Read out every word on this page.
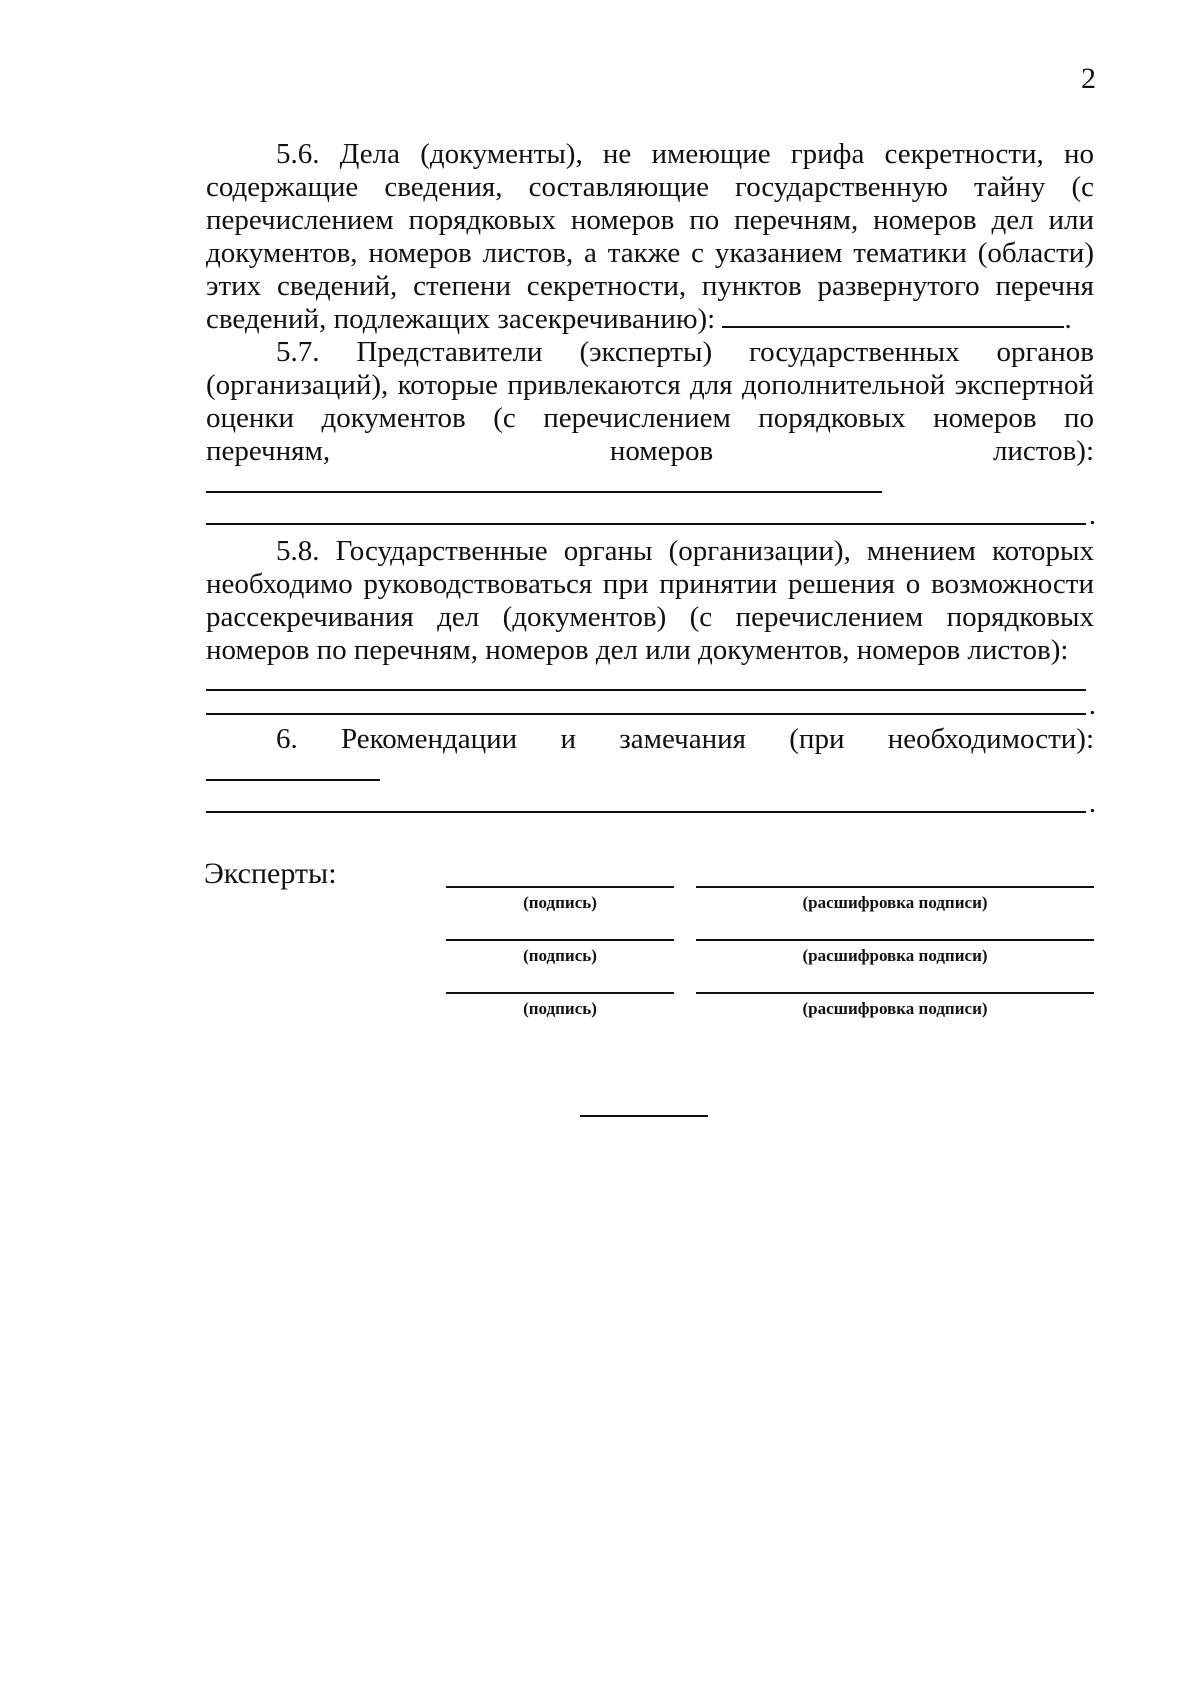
2

5.6. Дела (документы), не имеющие грифа секретности, но содержащие сведения, составляющие государственную тайну (с перечислением порядковых номеров по перечням, номеров дел или документов, номеров листов, а также с указанием тематики (области) этих сведений, степени секретности, пунктов развернутого перечня сведений, подлежащих засекречиванию):	.

5.7. Представители (эксперты) государственных органов (организаций), которые привлекаются для дополнительной экспертной оценки документов (с перечислением порядковых номеров по перечням, номеров листов):

.

5.8. Государственные органы (организации), мнением которых необходимо руководствоваться при принятии решения о возможности рассекречивания дел (документов) (с перечислением порядковых номеров по перечням, номеров дел или документов, номеров листов):

.

6. Рекомендации и замечания (при необходимости):

.
Эксперты:
(подпись)	(расшифровка подписи)
(подпись)	(расшифровка подписи)
(подпись)	(расшифровка подписи)
